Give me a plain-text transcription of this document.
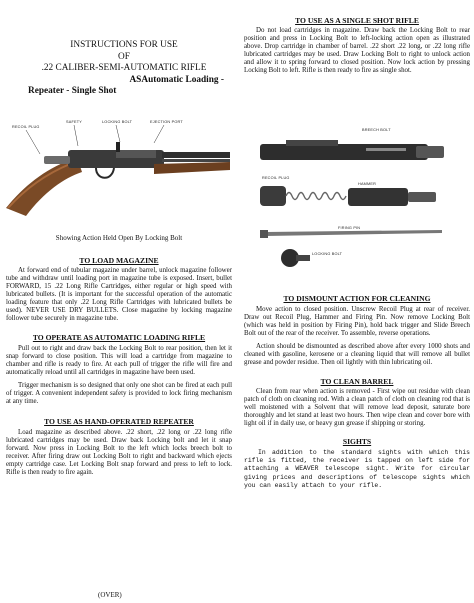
INSTRUCTIONS FOR USE
OF
.22 CALIBER-SEMI-AUTOMATIC RIFLE
ASAutomatic Loading -
Repeater - Single Shot
RECOIL PLUG
SAFETY	LOCKING BOLT	EJECTION PORT
Showing Action Held Open By Locking Bolt
TO LOAD MAGAZINE
At forward end of tubular magazine under barrel, unlock magazine follower tube and withdraw until loading port in magazine tube is exposed. Insert, bullet FORWARD, 15 .22 Long Rifle Cartridges, either regular or high speed with lubricated bullets. (It is important for the successful operation of the automatic loading feature that only .22 Long Rifle Cartridges with lubricated bullets be used). NEVER USE DRY BULLETS. Close magazine by locking magazine follower tube securely in magazine tube.
TO OPERATE AS AUTOMATIC LOADING RIFLE
Pull out to right and draw back the Locking Bolt to rear position, then let it snap forward to close position. This will load a cartridge from magazine to chamber and rifle is ready to fire. At each pull of trigger the rifle will fire and automatically reload until all cartridges in magazine have been used.
Trigger mechanism is so designed that only one shot can be fired at each pull of trigger. A convenient independent safety is provided to lock firing mechanism at any time.
TO USE AS HAND-OPERATED REPEATER
Load magazine as described above. .22 short, .22 long or .22 long rifle lubricated cartridges may be used. Draw back Locking bolt and let it snap forward. Now press in Locking Bolt to the left which locks breech bolt to receiver. After firing draw out Locking Bolt to right and backward which ejects empty cartridge case. Let Locking Bolt snap forward and press to left to lock. Rifle is then ready to fire again.
(OVER)
TO USE AS A SINGLE SHOT RIFLE
Do not load cartridges in magazine. Draw back the Locking Bolt to rear position and press in Locking Bolt to left-locking action open as illustrated above. Drop cartridge in chamber of barrel. .22 short .22 long, or .22 long rifle lubricated cartridges may be used. Draw Locking Bolt to right to unlock action and allow it to spring forward to closed position. Now lock action by pressing Locking Bolt to left. Rifle is then ready to fire as single shot.
BREECH BOLT
RECOIL PLUG
HAMMER
FIRING PIN
LOCKING BOLT
TO DISMOUNT ACTION FOR CLEANING
Move action to closed position. Unscrew Recoil Plug at rear of receiver. Draw out Recoil Plug, Hammer and Firing Pin. Now remove Locking Bolt (which was held in position by Firing Pin), hold back trigger and Slide Breech Bolt out of the rear of the receiver. To assemble, reverse operations.
Action should be dismounted as described above after every 1000 shots and cleaned with gasoline, kerosene or a cleaning liquid that will remove all bullet grease and powder residue. Then oil lightly with thin lubricating oil.
TO CLEAN BARREL
Clean from rear when action is removed - First wipe out residue with clean patch of cloth on cleaning rod. With a clean patch of cloth on cleaning rod that is well moistened with a Solvent that will remove lead deposit, saturate bore thoroughly and let stand at least two hours. Then wipe clean and cover bore with light oil if in daily use, or heavy gun grease if shipping or storing.
SIGHTS
In addition to the standard sights with which this rifle is fitted, the receiver is tapped on left side for attaching a WEAVER telescope sight. Write for circular giving prices and descriptions of telescope sights which you can easily attach to your rifle.
